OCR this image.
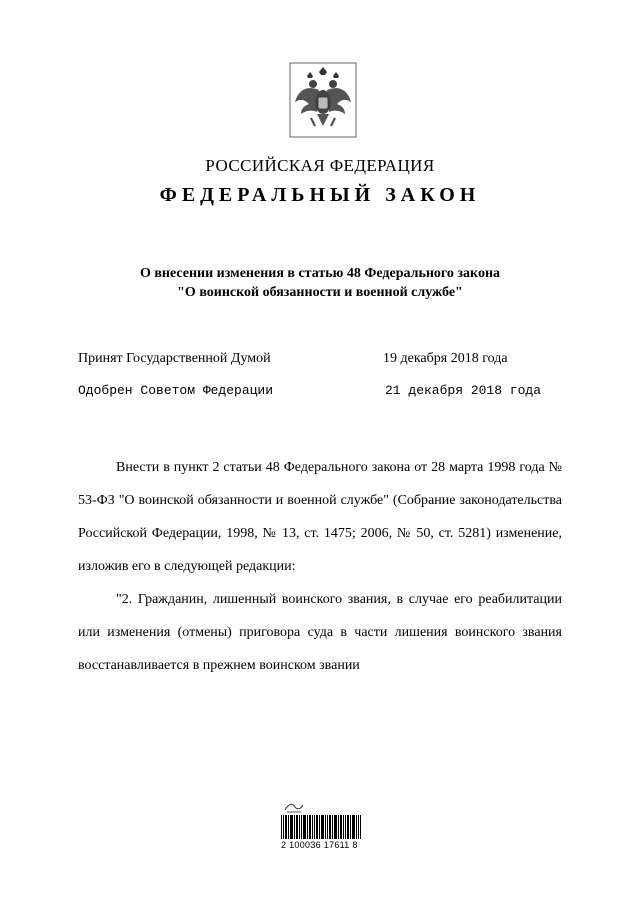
РОССИЙСКАЯ ФЕДЕРАЦИЯ
ФЕДЕРАЛЬНЫЙ ЗАКОН
О внесении изменения в статью 48 Федерального закона
"О воинской обязанности и военной службе"
Принят Государственной Думой	19 декабря 2018 года
Одобрен Советом Федерации	21 декабря 2018 года

Внести в пункт 2 статьи 48 Федерального закона от 28 марта 1998 года № 53-ФЗ "О воинской обязанности и военной службе" (Собрание законодательства Российской Федерации, 1998, № 13, ст. 1475; 2006, № 50, ст. 5281) изменение, изложив его в следующей редакции:

"2. Гражданин, лишенный воинского звания, в случае его реабилитации или изменения (отмены) приговора суда в части лишения воинского звания восстанавливается в прежнем воинском звании

2 100036 17611 8
